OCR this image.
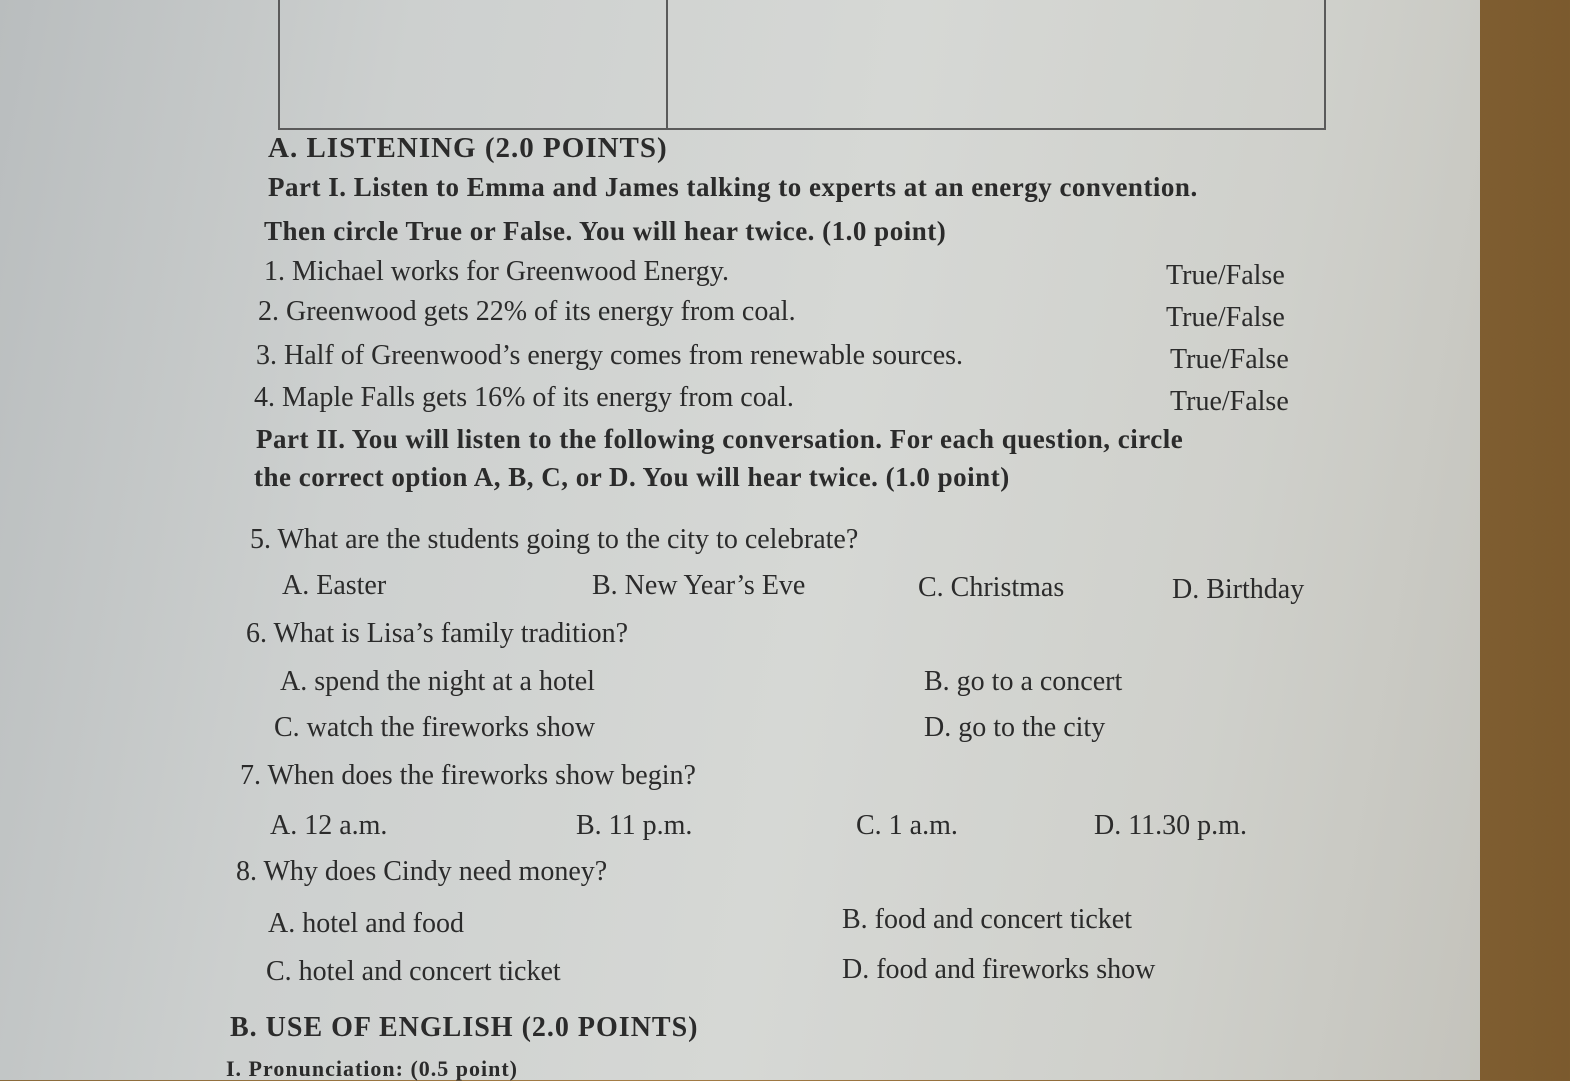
A. LISTENING (2.0 POINTS)
Part I. Listen to Emma and James talking to experts at an energy convention.
Then circle True or False. You will hear twice. (1.0 point)
1. Michael works for Greenwood Energy.	True/False
2. Greenwood gets 22% of its energy from coal.	True/False
3. Half of Greenwood’s energy comes from renewable sources.	True/False
4. Maple Falls gets 16% of its energy from coal.	True/False
Part II. You will listen to the following conversation. For each question, circle
the correct option A, B, C, or D. You will hear twice. (1.0 point)
5. What are the students going to the city to celebrate?
A. Easter	B. New Year’s Eve	C. Christmas	D. Birthday
6. What is Lisa’s family tradition?
A. spend the night at a hotel	B. go to a concert
C. watch the fireworks show	D. go to the city
7. When does the fireworks show begin?
A. 12 a.m.	B. 11 p.m.	C. 1 a.m.	D. 11.30 p.m.
8. Why does Cindy need money?
A. hotel and food	B. food and concert ticket
C. hotel and concert ticket	D. food and fireworks show
B. USE OF ENGLISH (2.0 POINTS)
I. Pronunciation: (0.5 point)
